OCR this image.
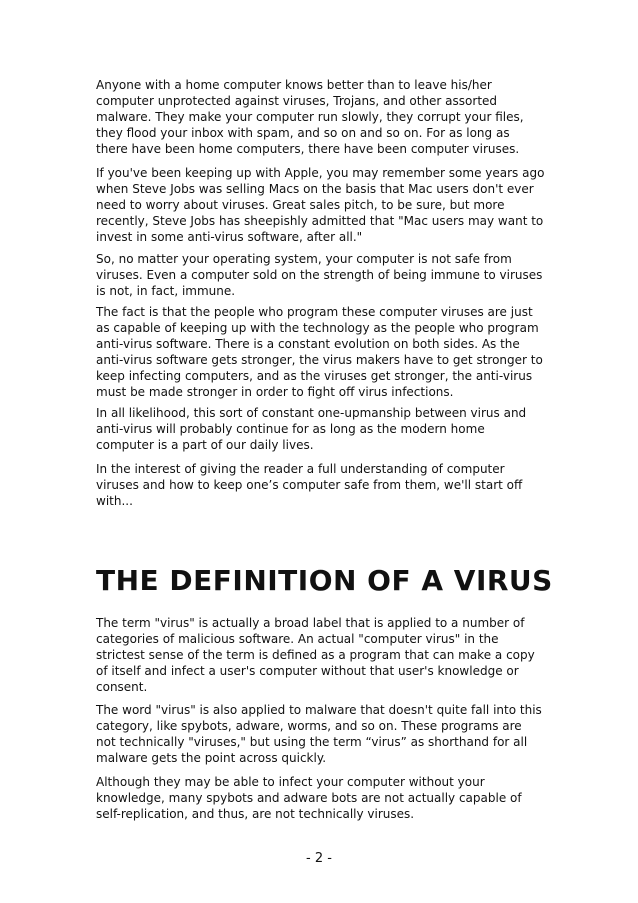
Anyone with a home computer knows better than to leave his/her
computer unprotected against viruses, Trojans, and other assorted
malware. They make your computer run slowly, they corrupt your files,
they flood your inbox with spam, and so on and so on. For as long as
there have been home computers, there have been computer viruses.

If you've been keeping up with Apple, you may remember some years ago
when Steve Jobs was selling Macs on the basis that Mac users don't ever
need to worry about viruses. Great sales pitch, to be sure, but more
recently, Steve Jobs has sheepishly admitted that "Mac users may want to
invest in some anti-virus software, after all."

So, no matter your operating system, your computer is not safe from
viruses. Even a computer sold on the strength of being immune to viruses
is not, in fact, immune.

The fact is that the people who program these computer viruses are just
as capable of keeping up with the technology as the people who program
anti-virus software. There is a constant evolution on both sides. As the
anti-virus software gets stronger, the virus makers have to get stronger to
keep infecting computers, and as the viruses get stronger, the anti-virus
must be made stronger in order to fight off virus infections.

In all likelihood, this sort of constant one-upmanship between virus and
anti-virus will probably continue for as long as the modern home
computer is a part of our daily lives.

In the interest of giving the reader a full understanding of computer
viruses and how to keep one’s computer safe from them, we'll start off
with...

THE DEFINITION OF A VIRUS

The term "virus" is actually a broad label that is applied to a number of
categories of malicious software. An actual "computer virus" in the
strictest sense of the term is defined as a program that can make a copy
of itself and infect a user's computer without that user's knowledge or
consent.

The word "virus" is also applied to malware that doesn't quite fall into this
category, like spybots, adware, worms, and so on. These programs are
not technically "viruses," but using the term “virus” as shorthand for all
malware gets the point across quickly.

Although they may be able to infect your computer without your
knowledge, many spybots and adware bots are not actually capable of
self-replication, and thus, are not technically viruses.

- 2 -
